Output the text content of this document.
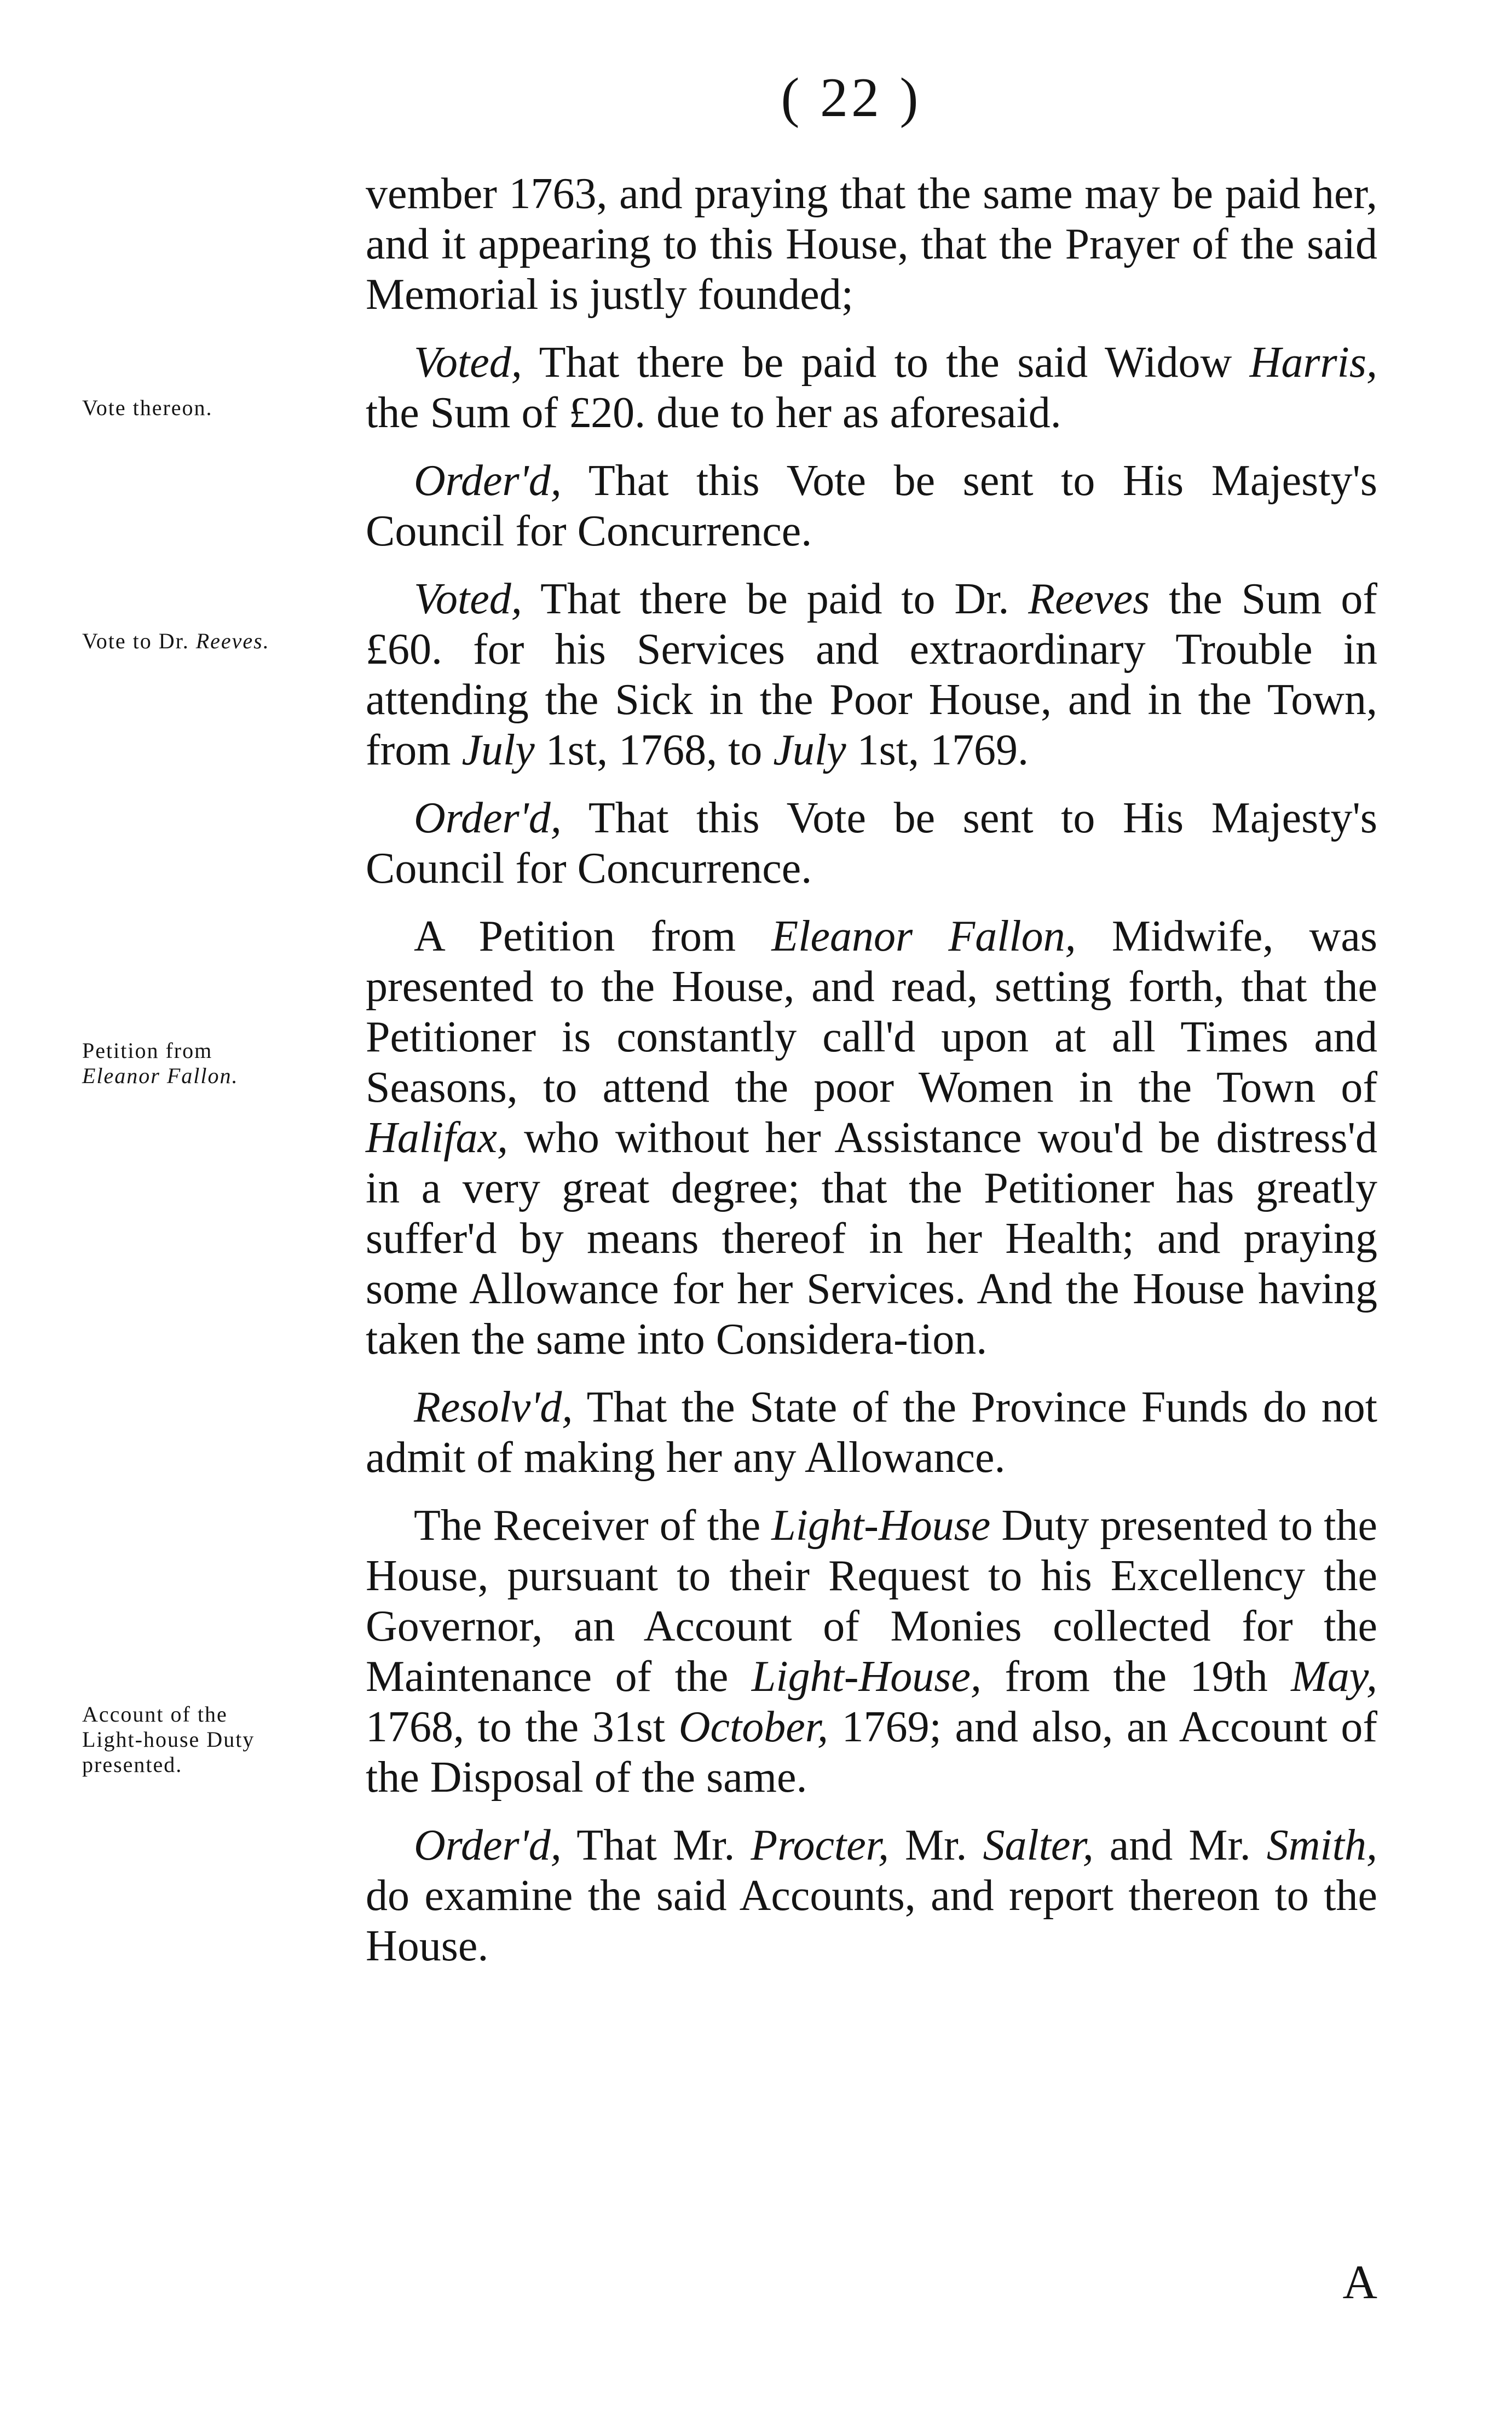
( 22 )
Vote thereon.
Vote to Dr. Reeves.
Petition from
Eleanor Fallon.
Account of the
Light-house Duty
presented.

vember 1763, and praying that the same may be paid her, and it appearing to this House, that the Prayer of the said Memorial is justly founded;

Voted, That there be paid to the said Widow Harris, the Sum of £20. due to her as aforesaid.

Order'd, That this Vote be sent to His Majesty's Council for Concurrence.

Voted, That there be paid to Dr. Reeves the Sum of £60. for his Services and extraordinary Trouble in attending the Sick in the Poor House, and in the Town, from July 1st, 1768, to July 1st, 1769.

Order'd, That this Vote be sent to His Majesty's Council for Concurrence.

A Petition from Eleanor Fallon, Midwife, was presented to the House, and read, setting forth, that the Petitioner is constantly call'd upon at all Times and Seasons, to attend the poor Women in the Town of Halifax, who without her Assistance wou'd be distress'd in a very great degree; that the Petitioner has greatly suffer'd by means thereof in her Health; and praying some Allowance for her Services. And the House having taken the same into Considera-tion.

Resolv'd, That the State of the Province Funds do not admit of making her any Allowance.

The Receiver of the Light-House Duty presented to the House, pursuant to their Request to his Excellency the Governor, an Account of Monies collected for the Maintenance of the Light-House, from the 19th May, 1768, to the 31st October, 1769; and also, an Account of the Disposal of the same.

Order'd, That Mr. Procter, Mr. Salter, and Mr. Smith, do examine the said Accounts, and report thereon to the House.

A
